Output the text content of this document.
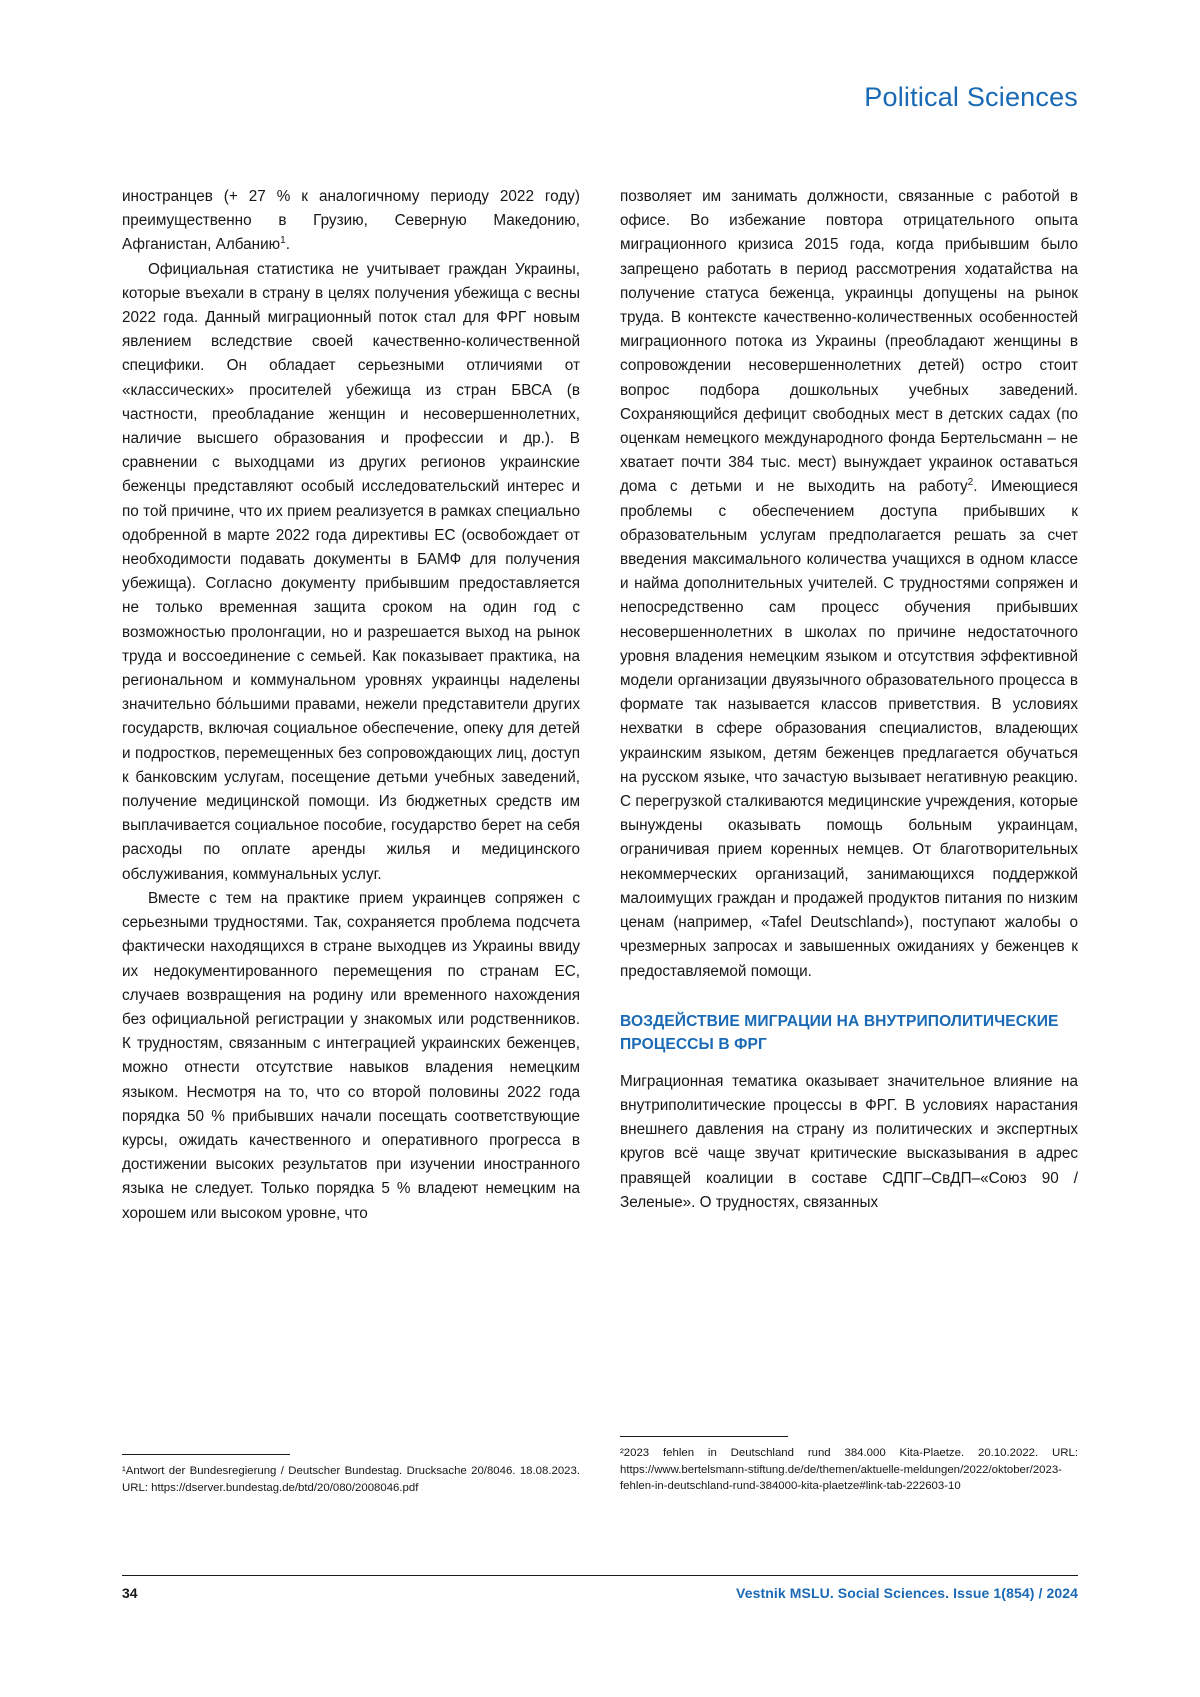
Political Sciences

иностранцев (+ 27 % к аналогичному периоду 2022 году) преимущественно в Грузию, Северную Македонию, Афганистан, Албанию$^1$.

Официальная статистика не учитывает граждан Украины, которые въехали в страну в целях получения убежища с весны 2022 года. Данный миграционный поток стал для ФРГ новым явлением вследствие своей качественно-количественной специфики. Он обладает серьезными отличиями от «классических» просителей убежища из стран БВСА (в частности, преобладание женщин и несовершеннолетних, наличие высшего образования и профессии и др.). В сравнении с выходцами из других регионов украинские беженцы представляют особый исследовательский интерес и по той причине, что их прием реализуется в рамках специально одобренной в марте 2022 года директивы ЕС (освобождает от необходимости подавать документы в БАМФ для получения убежища). Согласно документу прибывшим предоставляется не только временная защита сроком на один год с возможностью пролонгации, но и разрешается выход на рынок труда и воссоединение с семьей. Как показывает практика, на региональном и коммунальном уровнях украинцы наделены значительно бо́льшими правами, нежели представители других государств, включая социальное обеспечение, опеку для детей и подростков, перемещенных без сопровождающих лиц, доступ к банковским услугам, посещение детьми учебных заведений, получение медицинской помощи. Из бюджетных средств им выплачивается социальное пособие, государство берет на себя расходы по оплате аренды жилья и медицинского обслуживания, коммунальных услуг.

Вместе с тем на практике прием украинцев сопряжен с серьезными трудностями. Так, сохраняется проблема подсчета фактически находящихся в стране выходцев из Украины ввиду их недокументированного перемещения по странам ЕС, случаев возвращения на родину или временного нахождения без официальной регистрации у знакомых или родственников. К трудностям, связанным с интеграцией украинских беженцев, можно отнести отсутствие навыков владения немецким языком. Несмотря на то, что со второй половины 2022 года порядка 50 % прибывших начали посещать соответствующие курсы, ожидать качественного и оперативного прогресса в достижении высоких результатов при изучении иностранного языка не следует. Только порядка 5 % владеют немецким на хорошем или высоком уровне, что

позволяет им занимать должности, связанные с работой в офисе. Во избежание повтора отрицательного опыта миграционного кризиса 2015 года, когда прибывшим было запрещено работать в период рассмотрения ходатайства на получение статуса беженца, украинцы допущены на рынок труда. В контексте качественно-количественных особенностей миграционного потока из Украины (преобладают женщины в сопровождении несовершеннолетних детей) остро стоит вопрос подбора дошкольных учебных заведений. Сохраняющийся дефицит свободных мест в детских садах (по оценкам немецкого международного фонда Бертельсманн – не хватает почти 384 тыс. мест) вынуждает украинок оставаться дома с детьми и не выходить на работу$^2$. Имеющиеся проблемы с обеспечением доступа прибывших к образовательным услугам предполагается решать за счет введения максимального количества учащихся в одном классе и найма дополнительных учителей. С трудностями сопряжен и непосредственно сам процесс обучения прибывших несовершеннолетних в школах по причине недостаточного уровня владения немецким языком и отсутствия эффективной модели организации двуязычного образовательного процесса в формате так называется классов приветствия. В условиях нехватки в сфере образования специалистов, владеющих украинским языком, детям беженцев предлагается обучаться на русском языке, что зачастую вызывает негативную реакцию. С перегрузкой сталкиваются медицинские учреждения, которые вынуждены оказывать помощь больным украинцам, ограничивая прием коренных немцев. От благотворительных некоммерческих организаций, занимающихся поддержкой малоимущих граждан и продажей продуктов питания по низким ценам (например, «Tafel Deutschland»), поступают жалобы о чрезмерных запросах и завышенных ожиданиях у беженцев к предоставляемой помощи.

ВОЗДЕЙСТВИЕ МИГРАЦИИ НА ВНУТРИПОЛИТИЧЕСКИЕ ПРОЦЕССЫ В ФРГ

Миграционная тематика оказывает значительное влияние на внутриполитические процессы в ФРГ. В условиях нарастания внешнего давления на страну из политических и экспертных кругов всё чаще звучат критические высказывания в адрес правящей коалиции в составе СДПГ–СвДП–«Союз 90 / Зеленые». О трудностях, связанных

¹Antwort der Bundesregierung / Deutscher Bundestag. Drucksache 20/8046. 18.08.2023. URL: https://dserver.bundestag.de/btd/20/080/2008046.pdf

²2023 fehlen in Deutschland rund 384.000 Kita-Plaetze. 20.10.2022. URL: https://www.bertelsmann-stiftung.de/de/themen/aktuelle-meldungen/2022/oktober/2023-fehlen-in-deutschland-rund-384000-kita-plaetze#link-tab-222603-10

34	Vestnik MSLU. Social Sciences. Issue 1(854) / 2024
